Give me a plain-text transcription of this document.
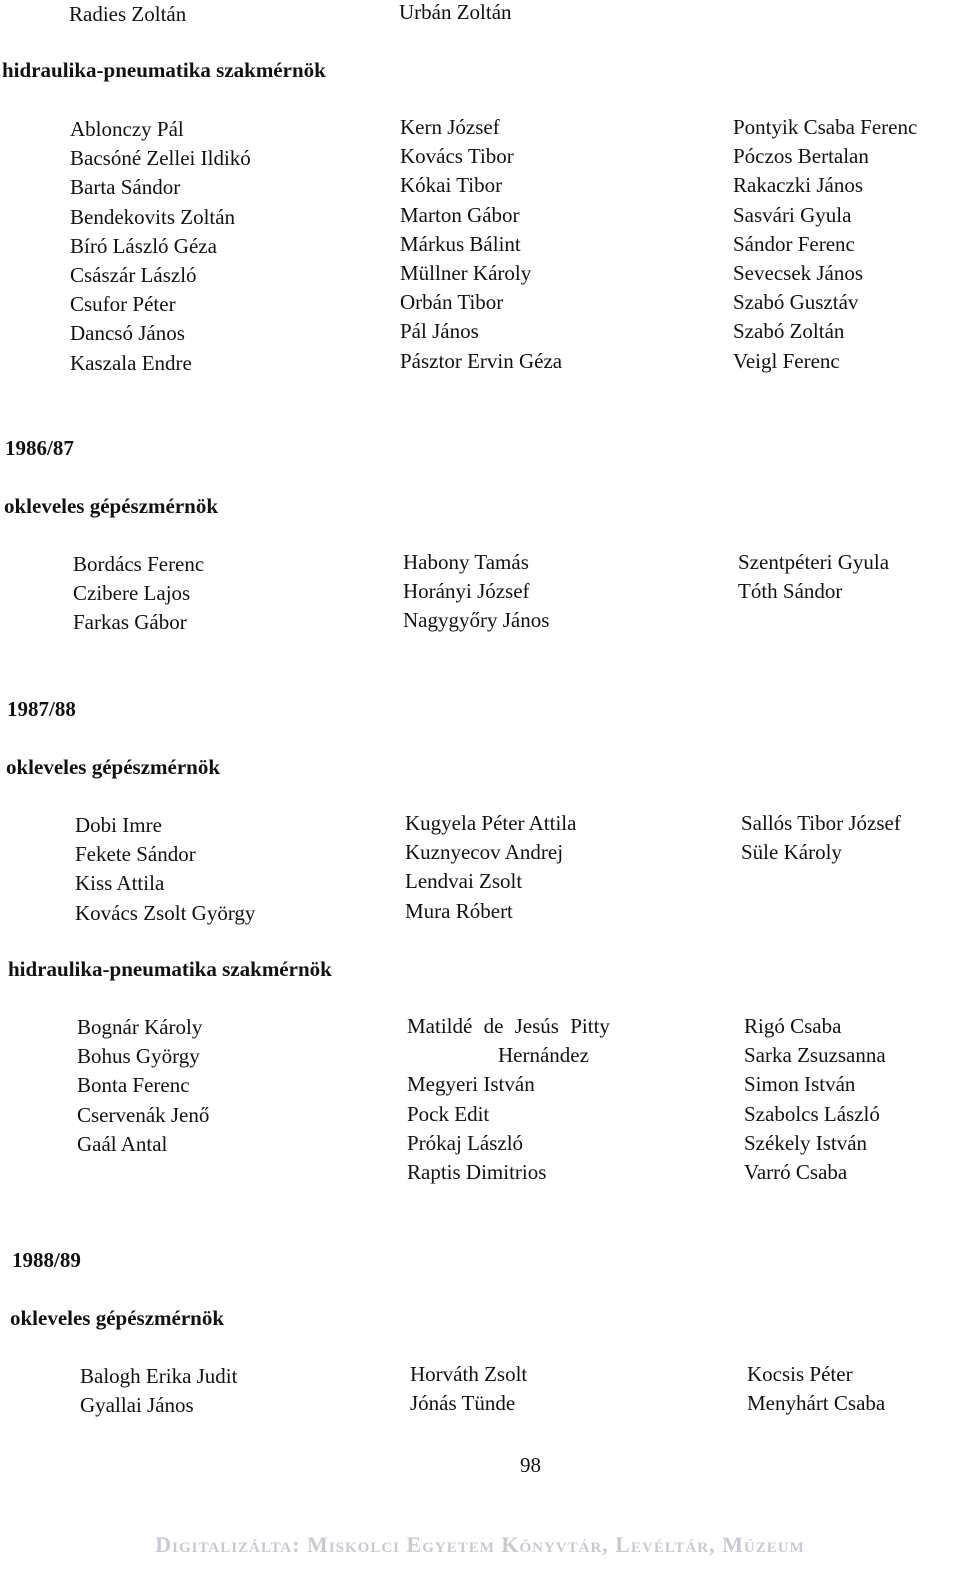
Radies Zoltán	Urbán Zoltán
hidraulika-pneumatika szakmérnök
Ablonczy Pál
Bacsóné Zellei Ildikó
Barta Sándor
Bendekovits Zoltán
Bíró László Géza
Császár László
Csufor Péter
Dancsó János
Kaszala Endre
Kern József
Kovács Tibor
Kókai Tibor
Marton Gábor
Márkus Bálint
Müllner Károly
Orbán Tibor
Pál János
Pásztor Ervin Géza
Pontyik Csaba Ferenc
Póczos Bertalan
Rakaczki János
Sasvári Gyula
Sándor Ferenc
Sevecsek János
Szabó Gusztáv
Szabó Zoltán
Veigl Ferenc
1986/87
okleveles gépészmérnök
Bordács Ferenc
Czibere Lajos
Farkas Gábor
Habony Tamás
Horányi József
Nagygyőry János
Szentpéteri Gyula
Tóth Sándor
1987/88
okleveles gépészmérnök
Dobi Imre
Fekete Sándor
Kiss Attila
Kovács Zsolt György
Kugyela Péter Attila
Kuznyecov Andrej
Lendvai Zsolt
Mura Róbert
Sallós Tibor József
Süle Károly
hidraulika-pneumatika szakmérnök
Bognár Károly
Bohus György
Bonta Ferenc
Cservenák Jenő
Gaál Antal
Matildé de Jesús Pitty
Hernández
Megyeri István
Pock Edit
Prókaj László
Raptis Dimitrios
Rigó Csaba
Sarka Zsuzsanna
Simon István
Szabolcs László
Székely István
Varró Csaba
1988/89
okleveles gépészmérnök
Balogh Erika Judit
Gyallai János
Horváth Zsolt
Jónás Tünde
Kocsis Péter
Menyhárt Csaba
98
Digitalizálta: Miskolci Egyetem Könyvtár, Levéltár, Múzeum
